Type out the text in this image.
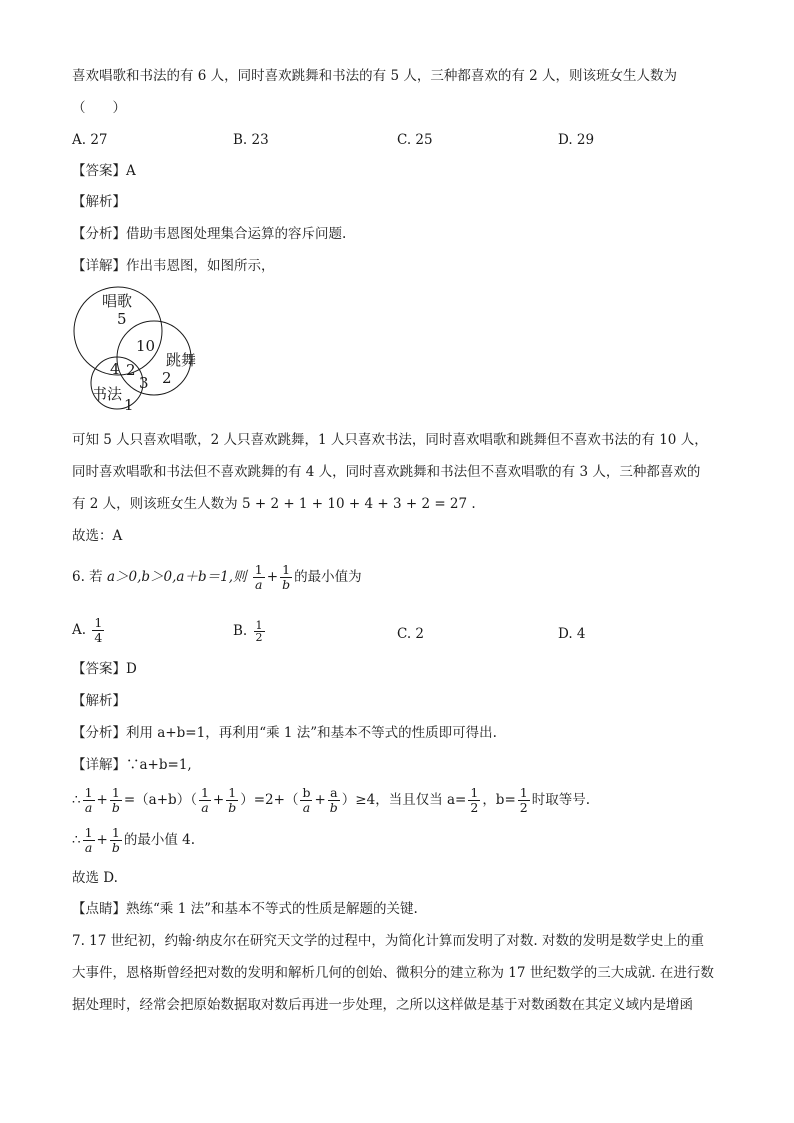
喜欢唱歌和书法的有 6 人，同时喜欢跳舞和书法的有 5 人，三种都喜欢的有 2 人，则该班女生人数为
（　　）
A. 27	B. 23	C. 25	D. 29
【答案】A
【解析】
【分析】借助韦恩图处理集合运算的容斥问题.
【详解】作出韦恩图，如图所示，
唱歌
5
10
跳舞
2
4 2
3
书法
1
可知 5 人只喜欢唱歌，2 人只喜欢跳舞，1 人只喜欢书法，同时喜欢唱歌和跳舞但不喜欢书法的有 10 人，
同时喜欢唱歌和书法但不喜欢跳舞的有 4 人，同时喜欢跳舞和书法但不喜欢唱歌的有 3 人，三种都喜欢的
有 2 人，则该班女生人数为 5 + 2 + 1 + 10 + 4 + 3 + 2 = 27 .
故选：A
6. 若 a＞0,b＞0,a＋b＝1,则 $\frac{1}{a} + \frac{1}{b}$ 的最小值为
A. $\frac{1}{4}$	B. $\frac{1}{2}$	C. 2	D. 4
【答案】D
【解析】
【分析】利用 a+b=1，再利用“乘 1 法”和基本不等式的性质即可得出.
【详解】∵a+b=1,
∴ $\frac{1}{a} + \frac{1}{b} =(a+b)( \frac{1}{a} + \frac{1}{b} )=2+( \frac{b}{a} + \frac{a}{b} )\ge 4$，当且仅当 $a= \frac{1}{2}$ ，$b= \frac{1}{2}$ 时取等号.
∴ $\frac{1}{a} + \frac{1}{b}$ 的最小值 4.
故选 D.
【点睛】熟练“乘 1 法”和基本不等式的性质是解题的关键.
7. 17 世纪初，约翰·纳皮尔在研究天文学的过程中，为简化计算而发明了对数. 对数的发明是数学史上的重
大事件，恩格斯曾经把对数的发明和解析几何的创始、微积分的建立称为 17 世纪数学的三大成就. 在进行数
据处理时，经常会把原始数据取对数后再进一步处理，之所以这样做是基于对数函数在其定义域内是增函
